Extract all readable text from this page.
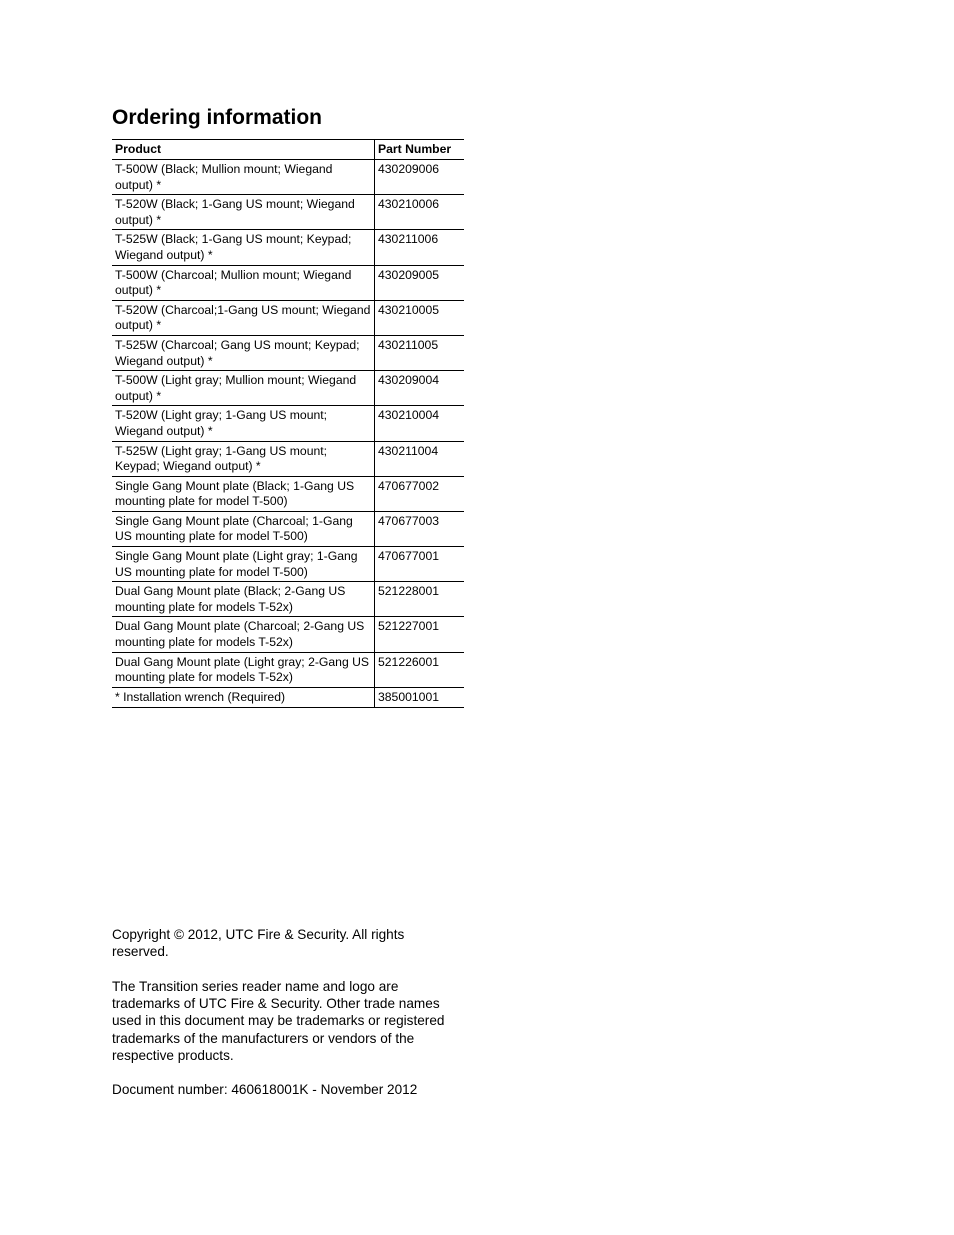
Ordering information
Product	Part Number
T-500W (Black; Mullion mount; Wiegand output) *	430209006
T-520W (Black; 1-Gang US mount; Wiegand output) *	430210006
T-525W (Black; 1-Gang US mount; Keypad; Wiegand output) *	430211006
T-500W (Charcoal; Mullion mount; Wiegand output) *	430209005
T-520W (Charcoal;1-Gang US mount; Wiegand output) *	430210005
T-525W (Charcoal; Gang US mount; Keypad; Wiegand output) *	430211005
T-500W (Light gray; Mullion mount; Wiegand output) *	430209004
T-520W (Light gray; 1-Gang US mount; Wiegand output) *	430210004
T-525W (Light gray; 1-Gang US mount; Keypad; Wiegand output) *	430211004
Single Gang Mount plate (Black; 1-Gang US mounting plate for model T-500)	470677002
Single Gang Mount plate (Charcoal; 1-Gang US mounting plate for model T-500)	470677003
Single Gang Mount plate (Light gray; 1-Gang US mounting plate for model T-500)	470677001
Dual Gang Mount plate (Black; 2-Gang US mounting plate for models T-52x)	521228001
Dual Gang Mount plate (Charcoal; 2-Gang US mounting plate for models T-52x)	521227001
Dual Gang Mount plate (Light gray; 2-Gang US mounting plate for models T-52x)	521226001
* Installation wrench (Required)	385001001

Copyright © 2012, UTC Fire & Security. All rights reserved.

The Transition series reader name and logo are trademarks of UTC Fire & Security. Other trade names used in this document may be trademarks or registered trademarks of the manufacturers or vendors of the respective products.

Document number: 460618001K - November 2012
